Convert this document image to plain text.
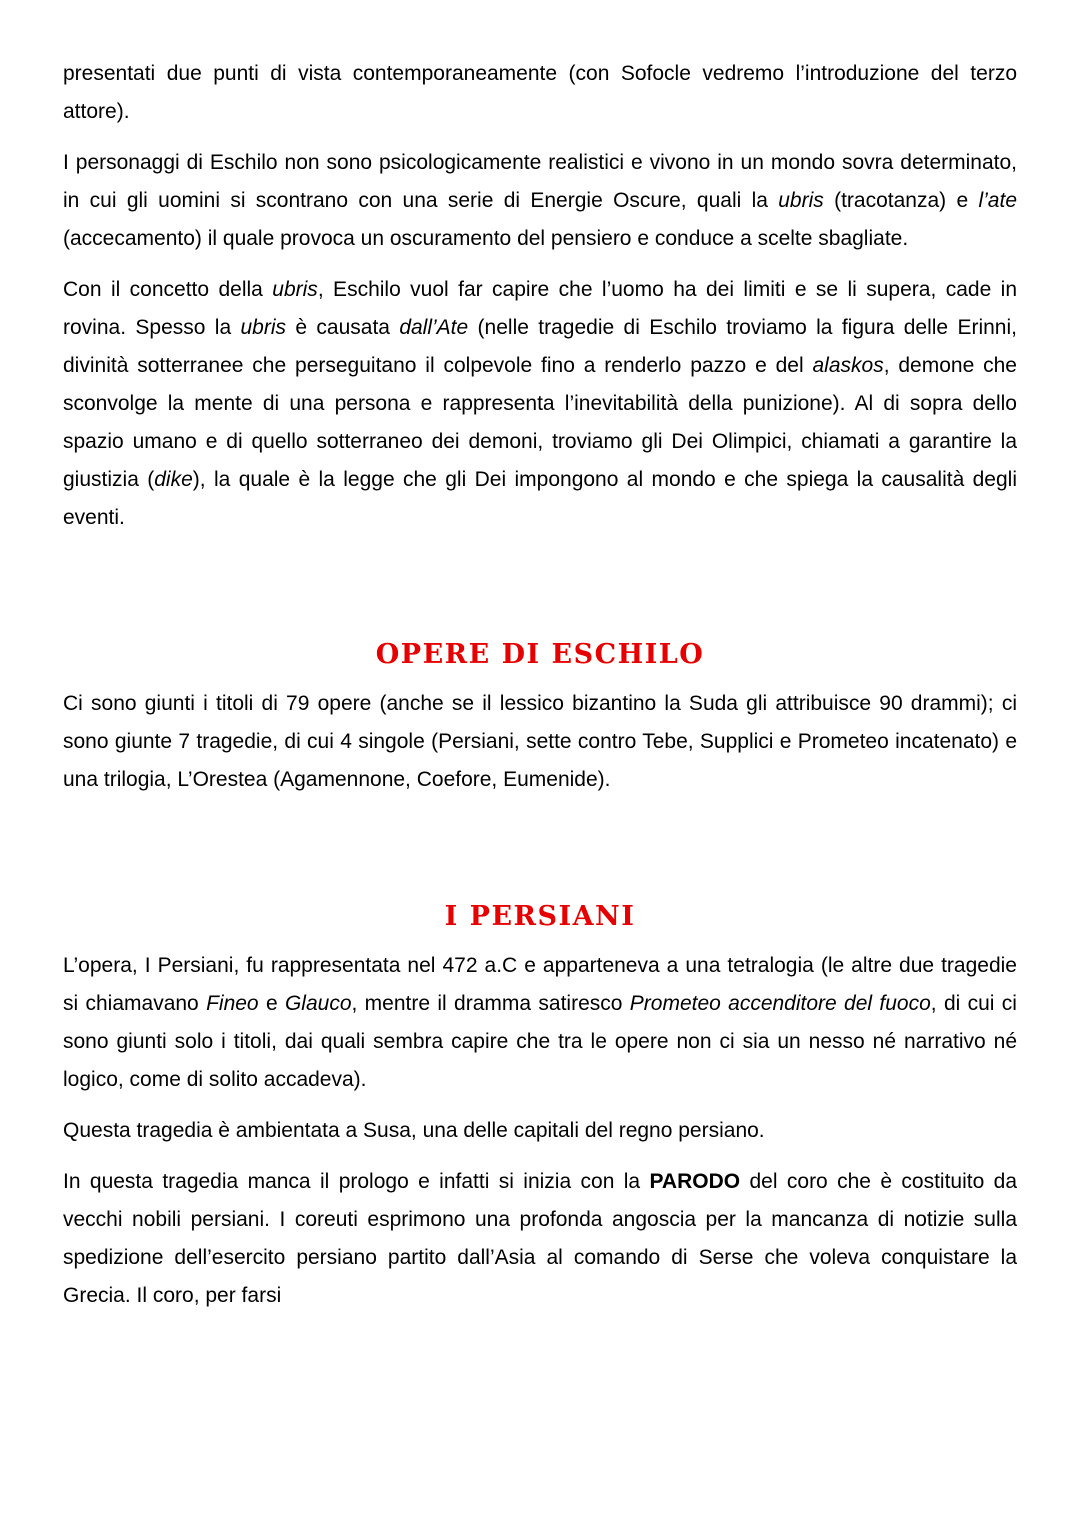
presentati due punti di vista contemporaneamente (con Sofocle vedremo l’introduzione del terzo attore).

I personaggi di Eschilo non sono psicologicamente realistici e vivono in un mondo sovra determinato, in cui gli uomini si scontrano con una serie di Energie Oscure, quali la ubris (tracotanza) e l’ate (accecamento) il quale provoca un oscuramento del pensiero e conduce a scelte sbagliate.

Con il concetto della ubris, Eschilo vuol far capire che l’uomo ha dei limiti e se li supera, cade in rovina. Spesso la ubris è causata dall’Ate (nelle tragedie di Eschilo troviamo la figura delle Erinni, divinità sotterranee che perseguitano il colpevole fino a renderlo pazzo e del alaskos, demone che sconvolge la mente di una persona e rappresenta l’inevitabilità della punizione). Al di sopra dello spazio umano e di quello sotterraneo dei demoni, troviamo gli Dei Olimpici, chiamati a garantire la giustizia (dike), la quale è la legge che gli Dei impongono al mondo e che spiega la causalità degli eventi.

OPERE DI ESCHILO

Ci sono giunti i titoli di 79 opere (anche se il lessico bizantino la Suda gli attribuisce 90 drammi); ci sono giunte 7 tragedie, di cui 4 singole (Persiani, sette contro Tebe, Supplici e Prometeo incatenato) e una trilogia, L’Orestea (Agamennone, Coefore, Eumenide).

I PERSIANI

L’opera, I Persiani, fu rappresentata nel 472 a.C e apparteneva a una tetralogia (le altre due tragedie si chiamavano Fineo e Glauco, mentre il dramma satiresco Prometeo accenditore del fuoco, di cui ci sono giunti solo i titoli, dai quali sembra capire che tra le opere non ci sia un nesso né narrativo né logico, come di solito accadeva).

Questa tragedia è ambientata a Susa, una delle capitali del regno persiano.

In questa tragedia manca il prologo e infatti si inizia con la PARODO del coro che è costituito da vecchi nobili persiani. I coreuti esprimono una profonda angoscia per la mancanza di notizie sulla spedizione dell’esercito persiano partito dall’Asia al comando di Serse che voleva conquistare la Grecia. Il coro, per farsi
